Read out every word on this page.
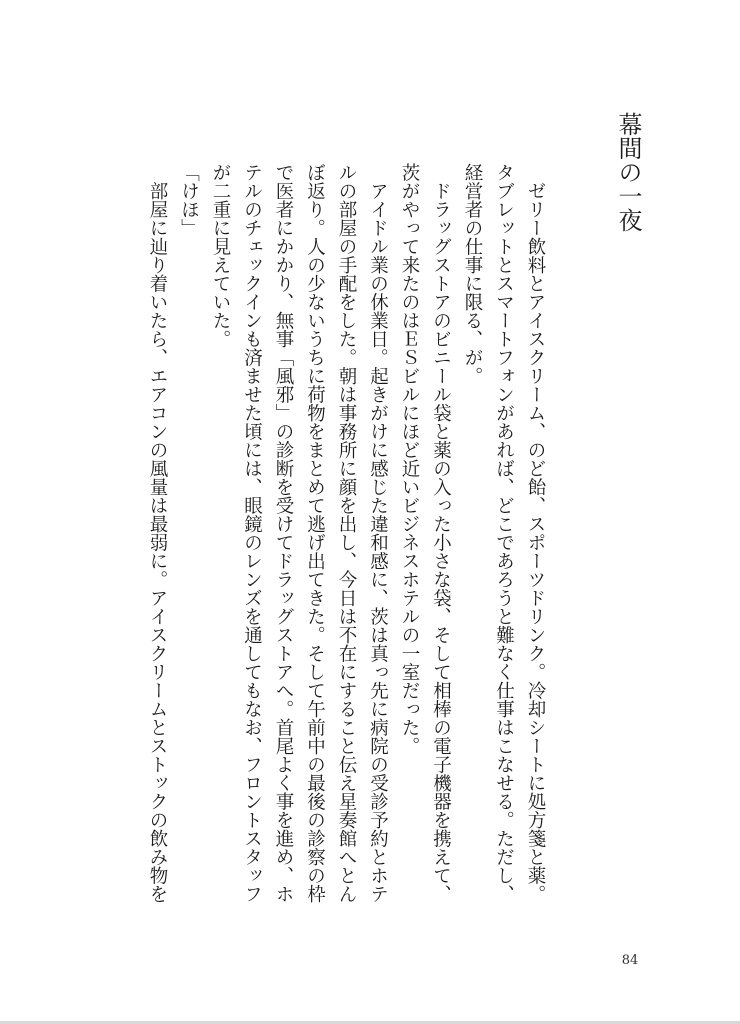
幕間の一夜
　ゼリー飲料とアイスクリーム、のど飴、スポーツドリンク。冷却シートに処方箋と薬。
タブレットとスマートフォンがあれば、どこであろうと難なく仕事はこなせる。ただし、
経営者の仕事に限る、が。
　ドラッグストアのビニール袋と薬の入った小さな袋、そして相棒の電子機器を携えて、
茨がやって来たのはＥＳビルにほど近いビジネスホテルの一室だった。
　アイドル業の休業日。起きがけに感じた違和感に、茨は真っ先に病院の受診予約とホテ
ルの部屋の手配をした。朝は事務所に顔を出し、今日は不在にすること伝え星奏館へとん
ぼ返り。人の少ないうちに荷物をまとめて逃げ出てきた。そして午前中の最後の診察の枠
で医者にかかり、無事「風邪」の診断を受けてドラッグストアへ。首尾よく事を進め、ホ
テルのチェックインも済ませた頃には、眼鏡のレンズを通してもなお、フロントスタッフ
が二重に見えていた。
「けほ」
　部屋に辿り着いたら、エアコンの風量は最弱に。アイスクリームとストックの飲み物を
84
